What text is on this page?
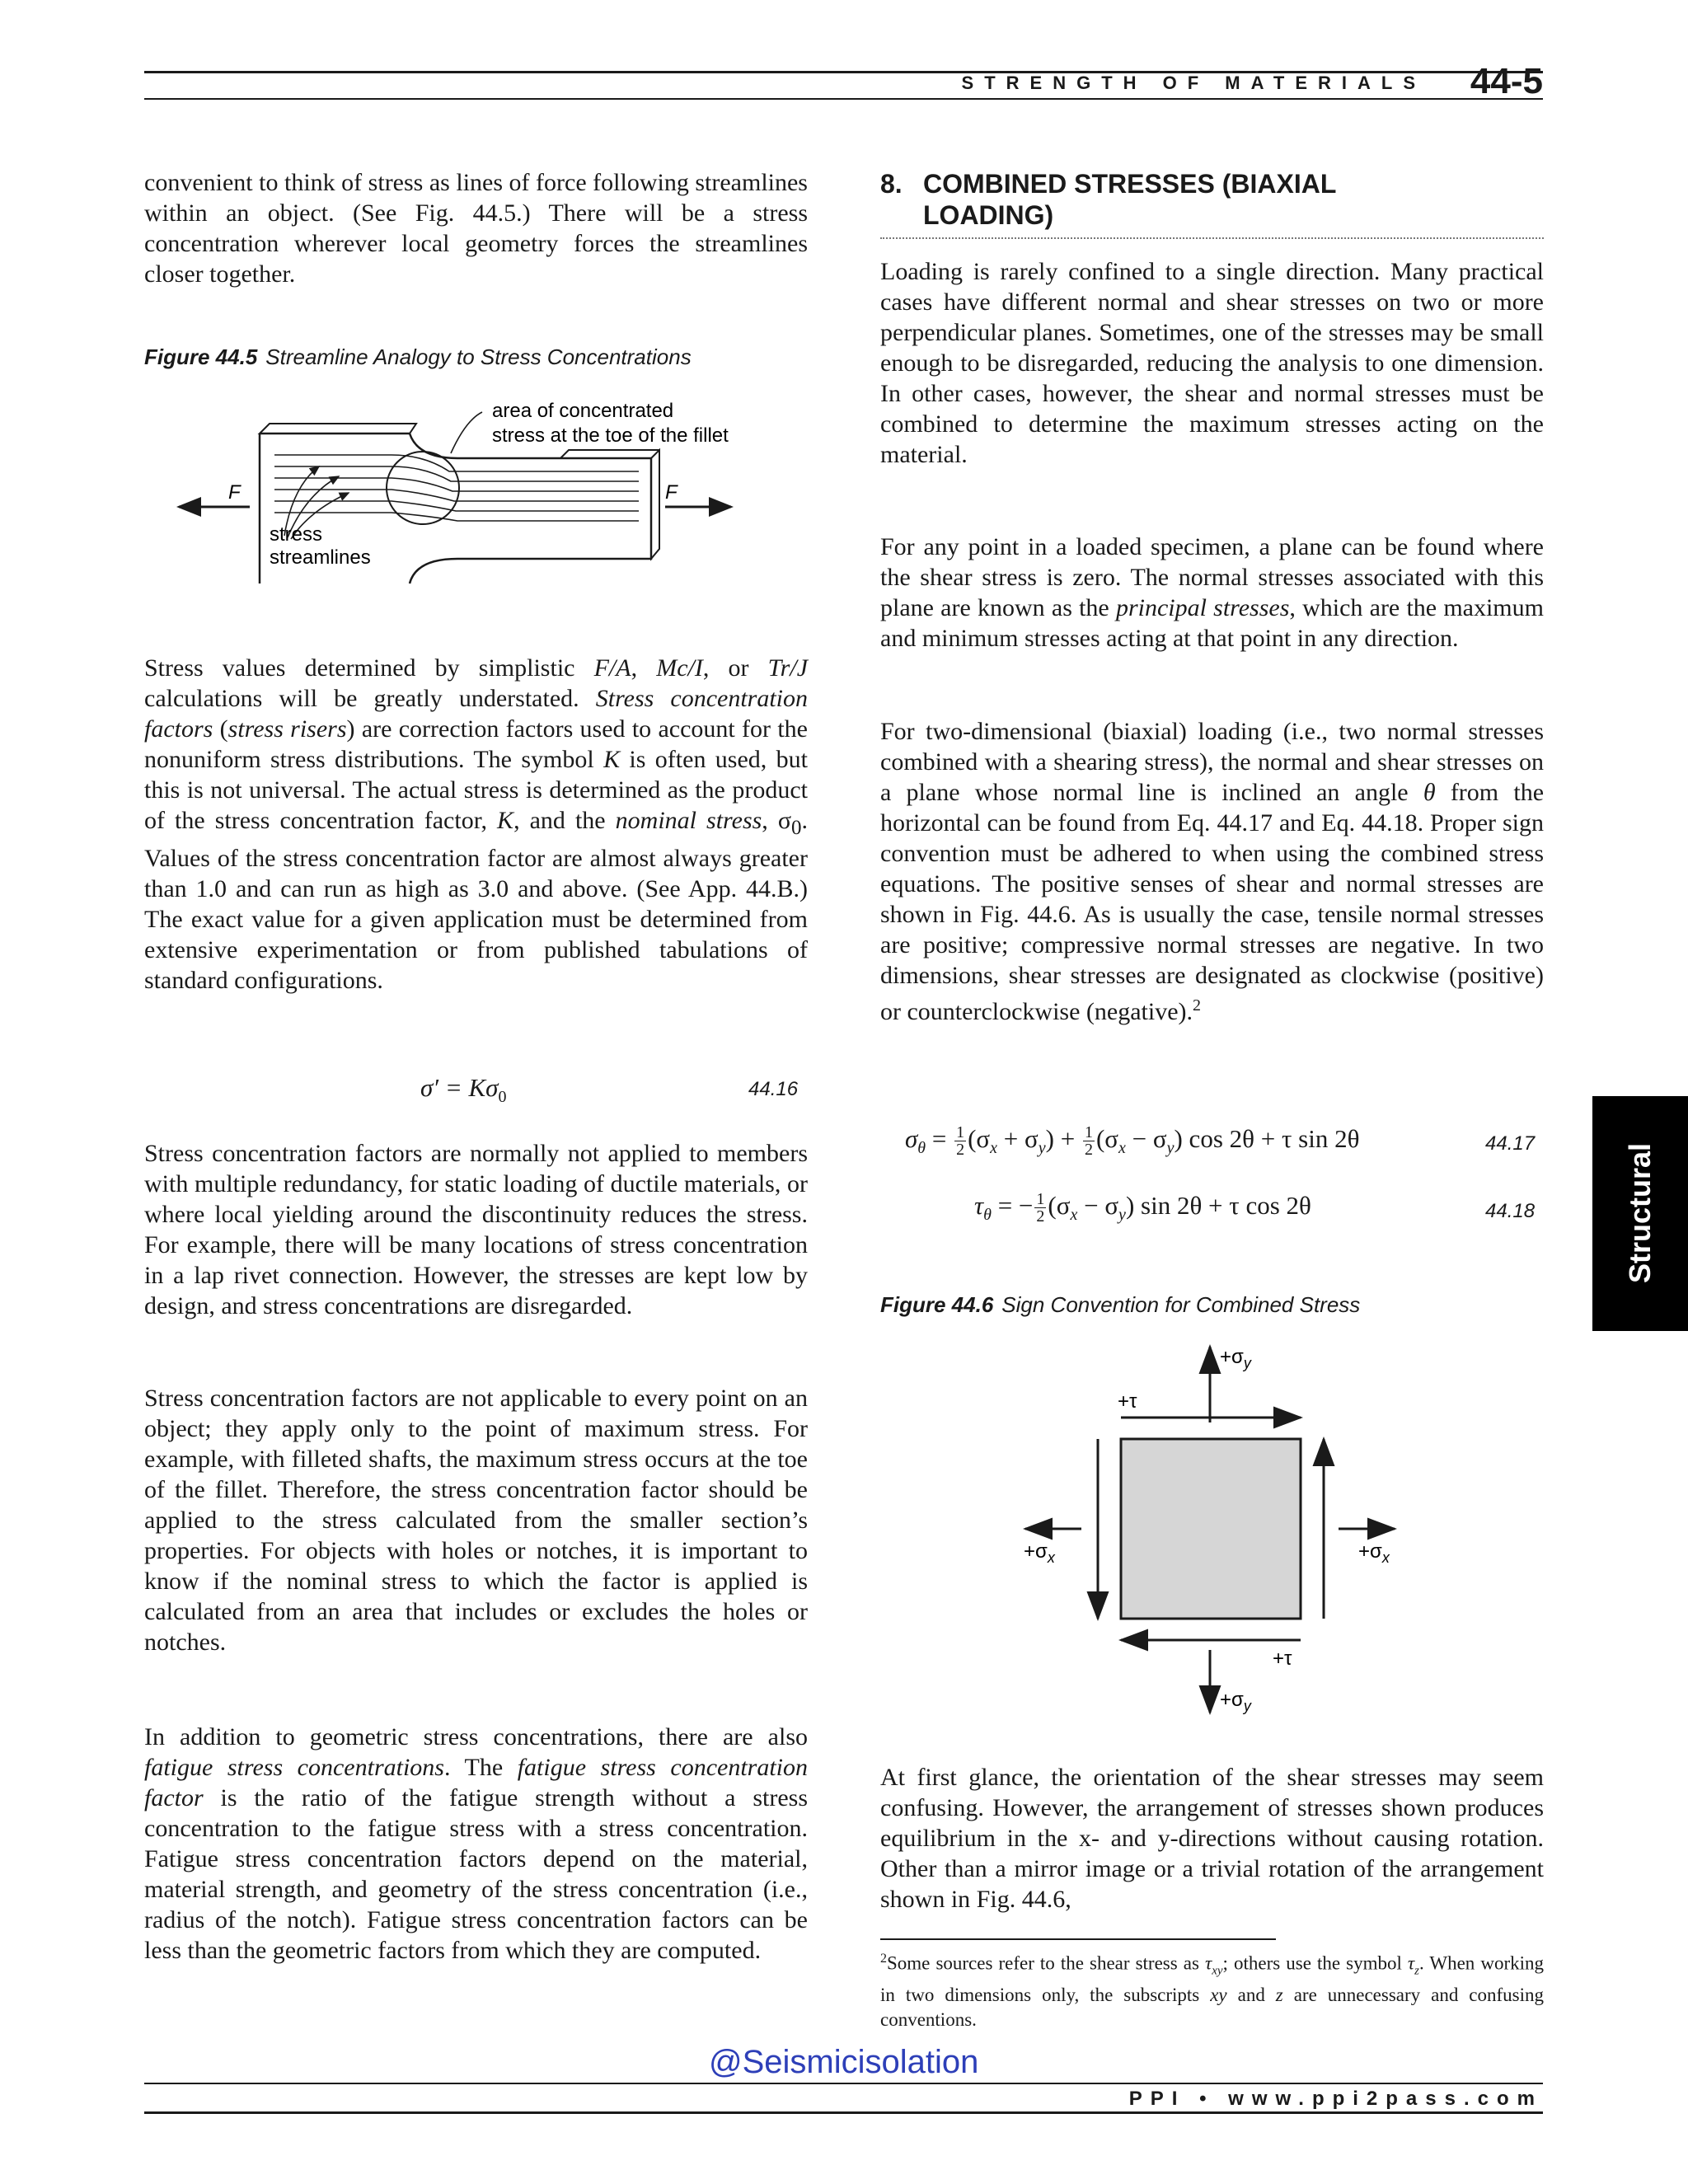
STRENGTH OF MATERIALS 44-5

convenient to think of stress as lines of force following streamlines within an object. (See Fig. 44.5.) There will be a stress concentration wherever local geometry forces the streamlines closer together.

Figure 44.5 Streamline Analogy to Stress Concentrations
F	F
area of concentrated
stress at the toe of the fillet
stress
streamlines

Stress values determined by simplistic F/A, Mc/I, or Tr/J calculations will be greatly understated. Stress concentration factors (stress risers) are correction factors used to account for the nonuniform stress distributions. The symbol K is often used, but this is not universal. The actual stress is determined as the product of the stress concentration factor, K, and the nominal stress, $\sigma_0$. Values of the stress concentration factor are almost always greater than 1.0 and can run as high as 3.0 and above. (See App. 44.B.) The exact value for a given application must be determined from extensive experimentation or from published tabulations of standard configurations.

$\sigma' = K\sigma_0$	44.16

Stress concentration factors are normally not applied to members with multiple redundancy, for static loading of ductile materials, or where local yielding around the discontinuity reduces the stress. For example, there will be many locations of stress concentration in a lap rivet connection. However, the stresses are kept low by design, and stress concentrations are disregarded.

Stress concentration factors are not applicable to every point on an object; they apply only to the point of maximum stress. For example, with filleted shafts, the maximum stress occurs at the toe of the fillet. Therefore, the stress concentration factor should be applied to the stress calculated from the smaller section’s properties. For objects with holes or notches, it is important to know if the nominal stress to which the factor is applied is calculated from an area that includes or excludes the holes or notches.

In addition to geometric stress concentrations, there are also fatigue stress concentrations. The fatigue stress concentration factor is the ratio of the fatigue strength without a stress concentration to the fatigue stress with a stress concentration. Fatigue stress concentration factors depend on the material, material strength, and geometry of the stress concentration (i.e., radius of the notch). Fatigue stress concentration factors can be less than the geometric factors from which they are computed.

8. COMBINED STRESSES (BIAXIAL
LOADING)

Loading is rarely confined to a single direction. Many practical cases have different normal and shear stresses on two or more perpendicular planes. Sometimes, one of the stresses may be small enough to be disregarded, reducing the analysis to one dimension. In other cases, however, the shear and normal stresses must be combined to determine the maximum stresses acting on the material.

For any point in a loaded specimen, a plane can be found where the shear stress is zero. The normal stresses associated with this plane are known as the principal stresses, which are the maximum and minimum stresses acting at that point in any direction.

For two-dimensional (biaxial) loading (i.e., two normal stresses combined with a shearing stress), the normal and shear stresses on a plane whose normal line is inclined an angle θ from the horizontal can be found from Eq. 44.17 and Eq. 44.18. Proper sign convention must be adhered to when using the combined stress equations. The positive senses of shear and normal stresses are shown in Fig. 44.6. As is usually the case, tensile normal stresses are positive; compressive normal stresses are negative. In two dimensions, shear stresses are designated as clockwise (positive) or counterclockwise (negative).$^2$

$\sigma_\theta = \frac{1}{2} (\sigma_x + \sigma_y) + \frac{1}{2} (\sigma_x - \sigma_y)$ cos 2θ + τ sin 2θ	44.17
$\tau_\theta$ = − $\frac{1}{2} (\sigma_x - \sigma_y)$ sin 2θ + τ cos 2θ	44.18
Figure 44.6 Sign Convention for Combined Stress
$+\sigma_y$
+τ
$+\sigma_x$	$+\sigma_x$
+τ
$+\sigma_y$

At first glance, the orientation of the shear stresses may seem confusing. However, the arrangement of stresses shown produces equilibrium in the x- and y-directions without causing rotation. Other than a mirror image or a trivial rotation of the arrangement shown in Fig. 44.6,

$^2$Some sources refer to the shear stress as $\tau_{xy}$; others use the symbol $\tau_z$. When working in two dimensions only, the subscripts xy and z are unnecessary and confusing conventions.
Structural
@Seismicisolation
PPI • www.ppi2pass.com
